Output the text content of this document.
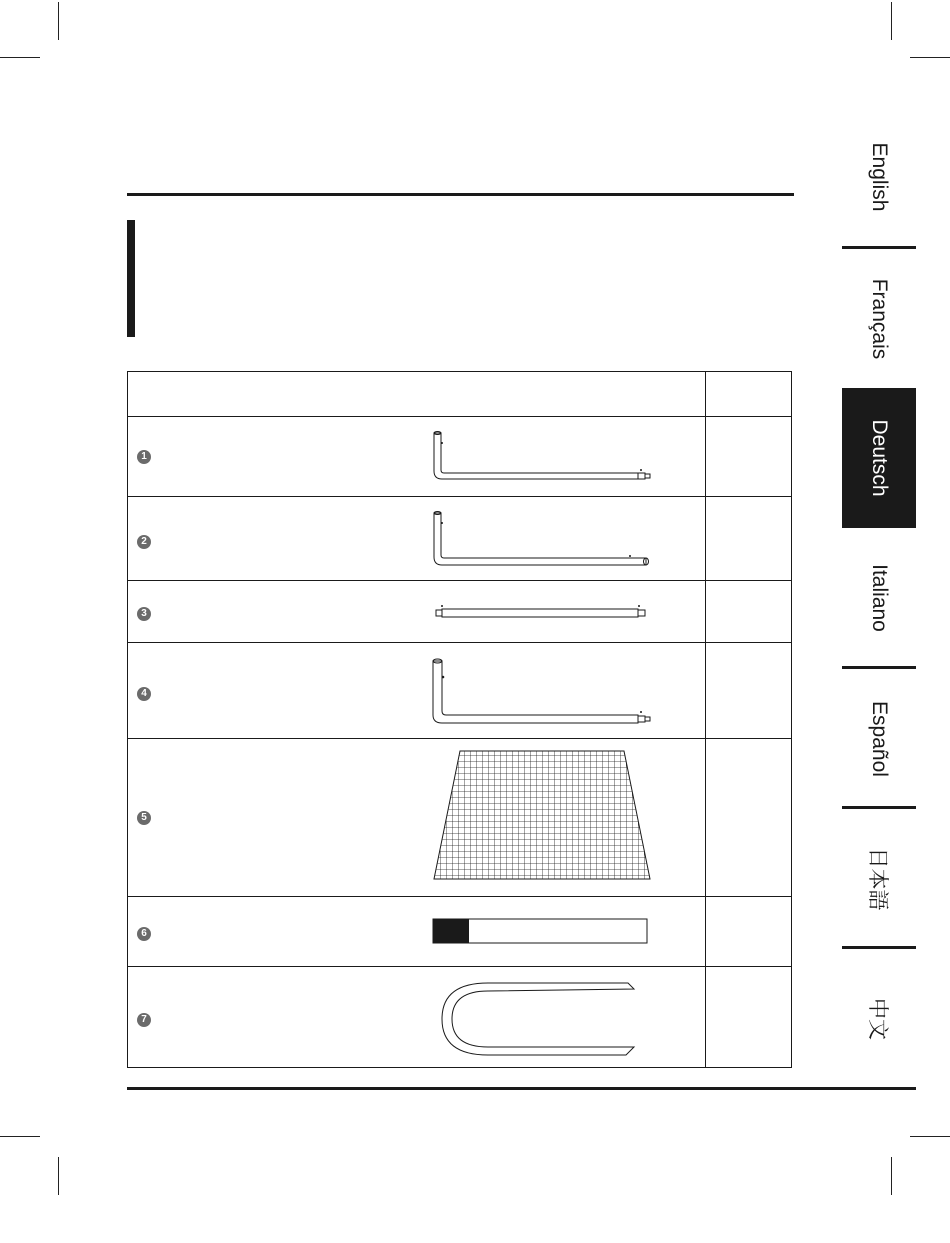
1
2
3
4
5
6
7
English
Français
Deutsch
Italiano
Español
日本語
中文
